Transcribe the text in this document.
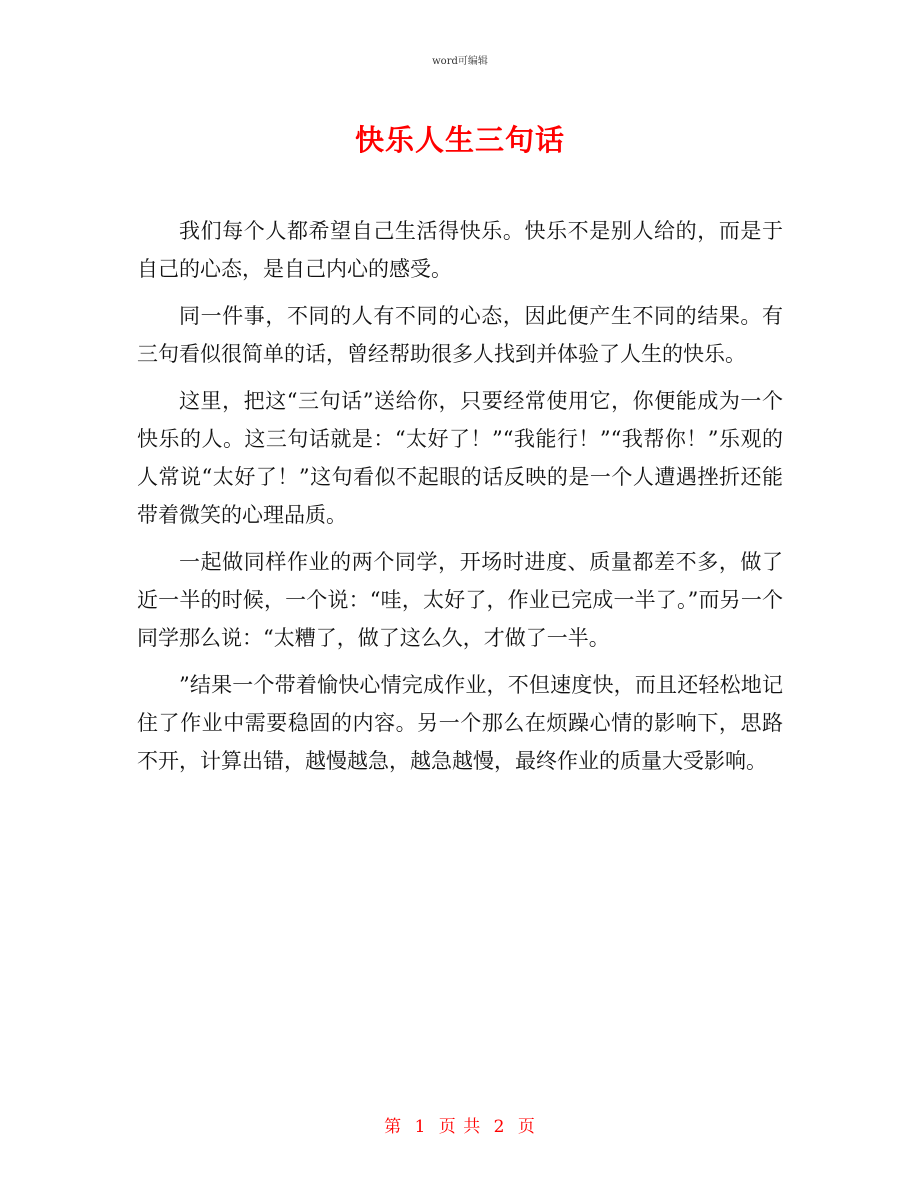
word可编辑
快乐人生三句话

我们每个人都希望自己生活得快乐。快乐不是别人给的，而是于自己的心态，是自己内心的感受。

同一件事，不同的人有不同的心态，因此便产生不同的结果。有三句看似很简单的话，曾经帮助很多人找到并体验了人生的快乐。

这里，把这“三句话”送给你，只要经常使用它，你便能成为一个快乐的人。这三句话就是：“太好了！”“我能行！”“我帮你！”乐观的人常说“太好了！”这句看似不起眼的话反映的是一个人遭遇挫折还能带着微笑的心理品质。

一起做同样作业的两个同学，开场时进度、质量都差不多，做了近一半的时候，一个说：“哇，太好了，作业已完成一半了。”而另一个同学那么说：“太糟了，做了这么久，才做了一半。

”结果一个带着愉快心情完成作业，不但速度快，而且还轻松地记住了作业中需要稳固的内容。另一个那么在烦躁心情的影响下，思路不开，计算出错，越慢越急，越急越慢，最终作业的质量大受影响。

第 1 页 共 2 页
